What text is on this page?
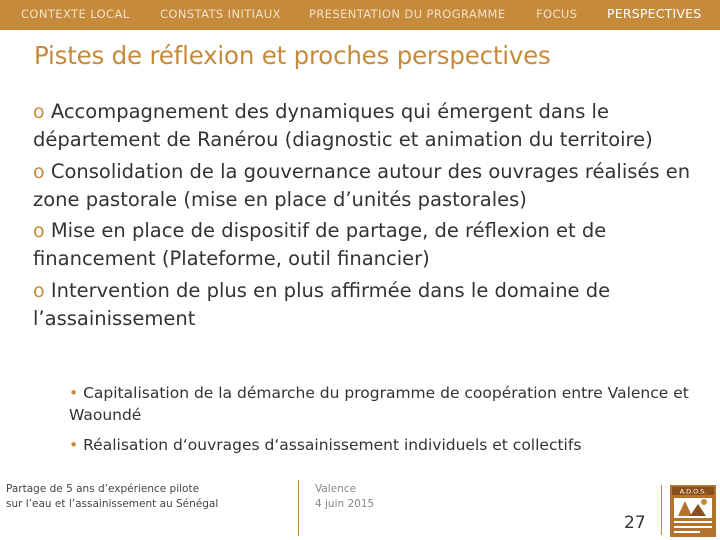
CONTEXTE LOCAL	CONSTATS INITIAUX PRESENTATION DU PROGRAMME	FOCUS PERSPECTIVES
Pistes de réflexion et proches perspectives
o Accompagnement des dynamiques qui émergent dans le département de Ranérou (diagnostic et animation du territoire)
o Consolidation de la gouvernance autour des ouvrages réalisés en zone pastorale (mise en place d’unités pastorales)
o Mise en place de dispositif de partage, de réflexion et de financement (Plateforme, outil financier)
o Intervention de plus en plus affirmée dans le domaine de l’assainissement
• Capitalisation de la démarche du programme de coopération entre Valence et Waoundé
• Réalisation d‘ouvrages d‘assainissement individuels et collectifs
Partage de 5 ans d’expérience pilote
sur l’eau et l’assainissement au Sénégal
Valence
4 juin 2015
27
A.D.O.S.
